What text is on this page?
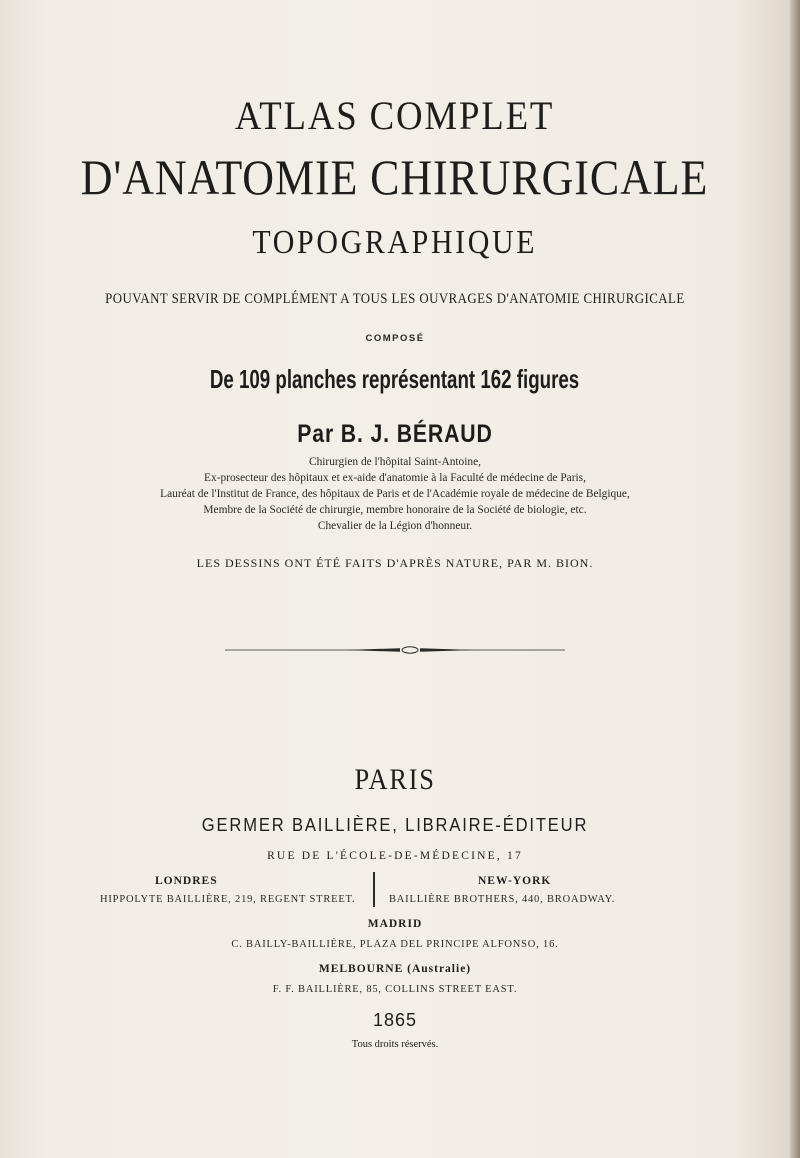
ATLAS COMPLET
D'ANATOMIE CHIRURGICALE
TOPOGRAPHIQUE
POUVANT SERVIR DE COMPLÉMENT A TOUS LES OUVRAGES D'ANATOMIE CHIRURGICALE
COMPOSÉ
De 109 planches représentant 162 figures
Par B. J. BÉRAUD
Chirurgien de l'hôpital Saint-Antoine,
Ex-prosecteur des hôpitaux et ex-aide d'anatomie à la Faculté de médecine de Paris,
Lauréat de l'Institut de France, des hôpitaux de Paris et de l'Académie royale de médecine de Belgique,
Membre de la Société de chirurgie, membre honoraire de la Société de biologie, etc.
Chevalier de la Légion d'honneur.
LES DESSINS ONT ÉTÉ FAITS D'APRÈS NATURE, PAR M. BION.
PARIS
GERMER BAILLIÈRE, LIBRAIRE-ÉDITEUR
RUE DE L'ÉCOLE-DE-MÉDECINE, 17
LONDRES
HIPPOLYTE BAILLIÈRE, 219, REGENT STREET.
NEW-YORK
BAILLIÈRE BROTHERS, 440, BROADWAY.
MADRID
C. BAILLY-BAILLIÈRE, PLAZA DEL PRINCIPE ALFONSO, 16.
MELBOURNE (Australie)
F. F. BAILLIÈRE, 85, COLLINS STREET EAST.
1865
Tous droits réservés.
